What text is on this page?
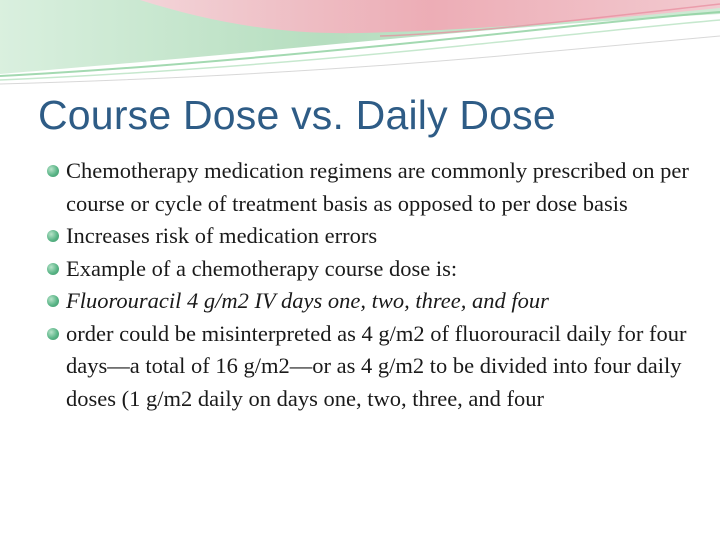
Course Dose vs. Daily Dose
Chemotherapy medication regimens are commonly prescribed on per course or cycle of treatment basis as opposed to per dose basis
Increases risk of medication errors
Example of a chemotherapy course dose is:
Fluorouracil 4 g/m2 IV days one, two, three, and four
order could be misinterpreted as 4 g/m2 of fluorouracil daily for four days—a total of 16 g/m2—or as 4 g/m2 to be divided into four daily doses (1 g/m2 daily on days one, two, three, and four
